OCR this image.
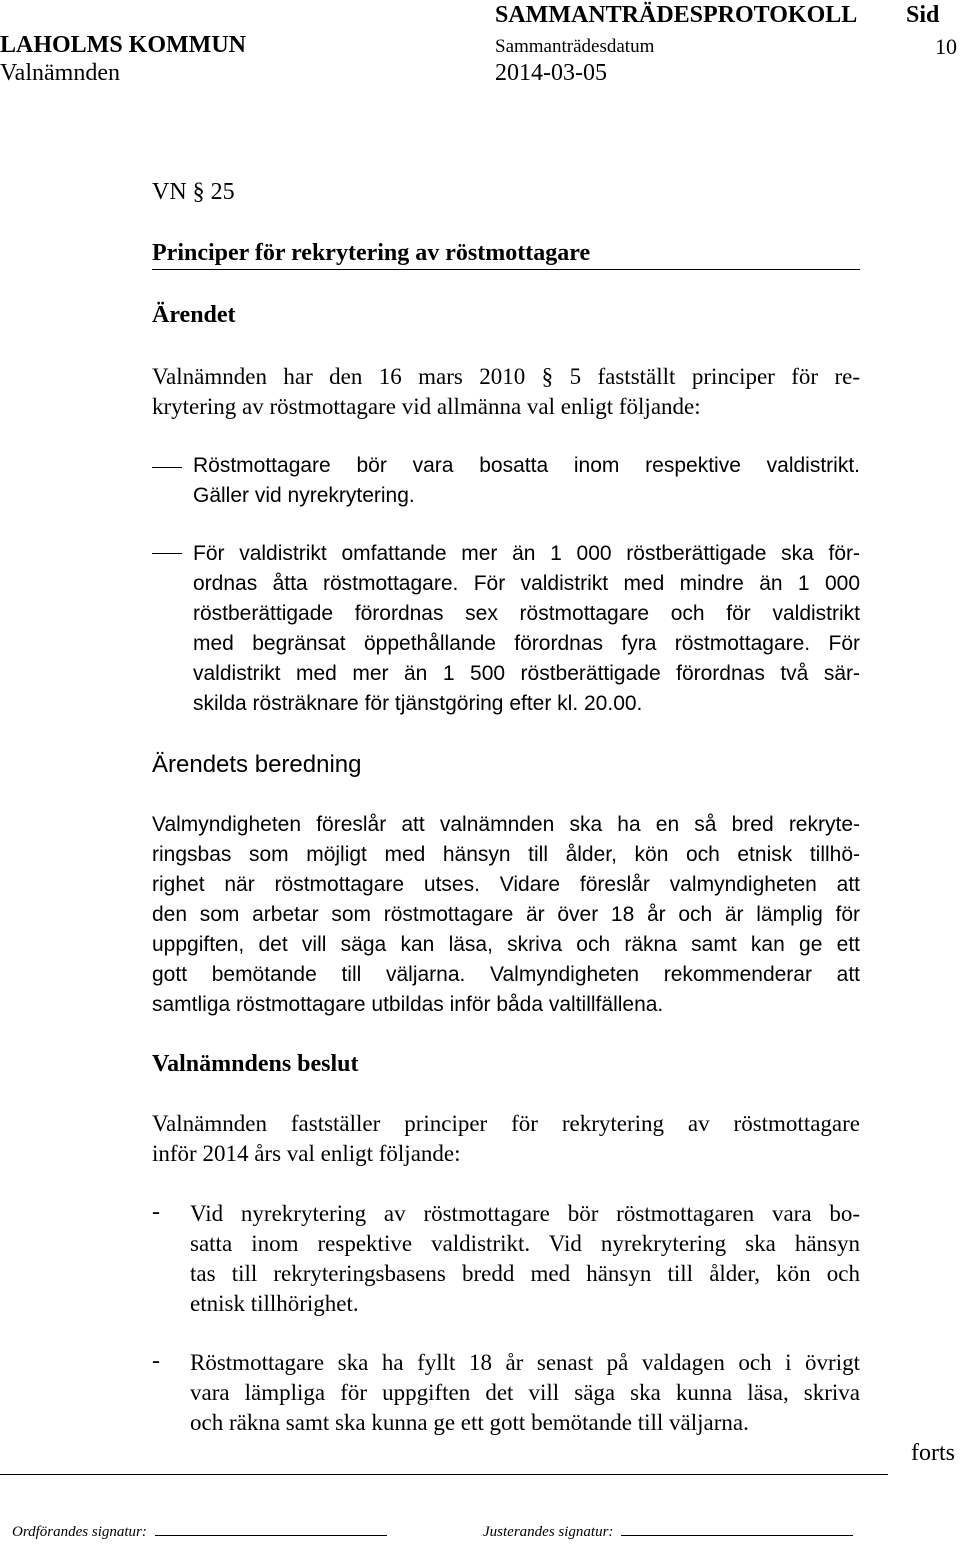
SAMMANTRÄDESPROTOKOLL Sid
LAHOLMS KOMMUN	Sammanträdesdatum	10
Valnämnden	2014-03-05
VN § 25
Principer för rekrytering av röstmottagare
Ärendet
Valnämnden har den 16 mars 2010 § 5 fastställt principer för re-
krytering av röstmottagare vid allmänna val enligt följande:
Röstmottagare bör vara bosatta inom respektive valdistrikt.
Gäller vid nyrekrytering.
För valdistrikt omfattande mer än 1 000 röstberättigade ska för-
ordnas åtta röstmottagare. För valdistrikt med mindre än 1 000
röstberättigade förordnas sex röstmottagare och för valdistrikt
med begränsat öppethållande förordnas fyra röstmottagare. För
valdistrikt med mer än 1 500 röstberättigade förordnas två sär-
skilda rösträknare för tjänstgöring efter kl. 20.00.
Ärendets beredning
Valmyndigheten föreslår att valnämnden ska ha en så bred rekryte-
ringsbas som möjligt med hänsyn till ålder, kön och etnisk tillhö-
righet när röstmottagare utses. Vidare föreslår valmyndigheten att
den som arbetar som röstmottagare är över 18 år och är lämplig för
uppgiften, det vill säga kan läsa, skriva och räkna samt kan ge ett
gott bemötande till väljarna. Valmyndigheten rekommenderar att
samtliga röstmottagare utbildas inför båda valtillfällena.
Valnämndens beslut
Valnämnden fastställer principer för rekrytering av röstmottagare
inför 2014 års val enligt följande:
- Vid nyrekrytering av röstmottagare bör röstmottagaren vara bo-
satta inom respektive valdistrikt. Vid nyrekrytering ska hänsyn
tas till rekryteringsbasens bredd med hänsyn till ålder, kön och
etnisk tillhörighet.
- Röstmottagare ska ha fyllt 18 år senast på valdagen och i övrigt
vara lämpliga för uppgiften det vill säga ska kunna läsa, skriva
och räkna samt ska kunna ge ett gott bemötande till väljarna.
forts
Ordförandes signatur:	Justerandes signatur:
